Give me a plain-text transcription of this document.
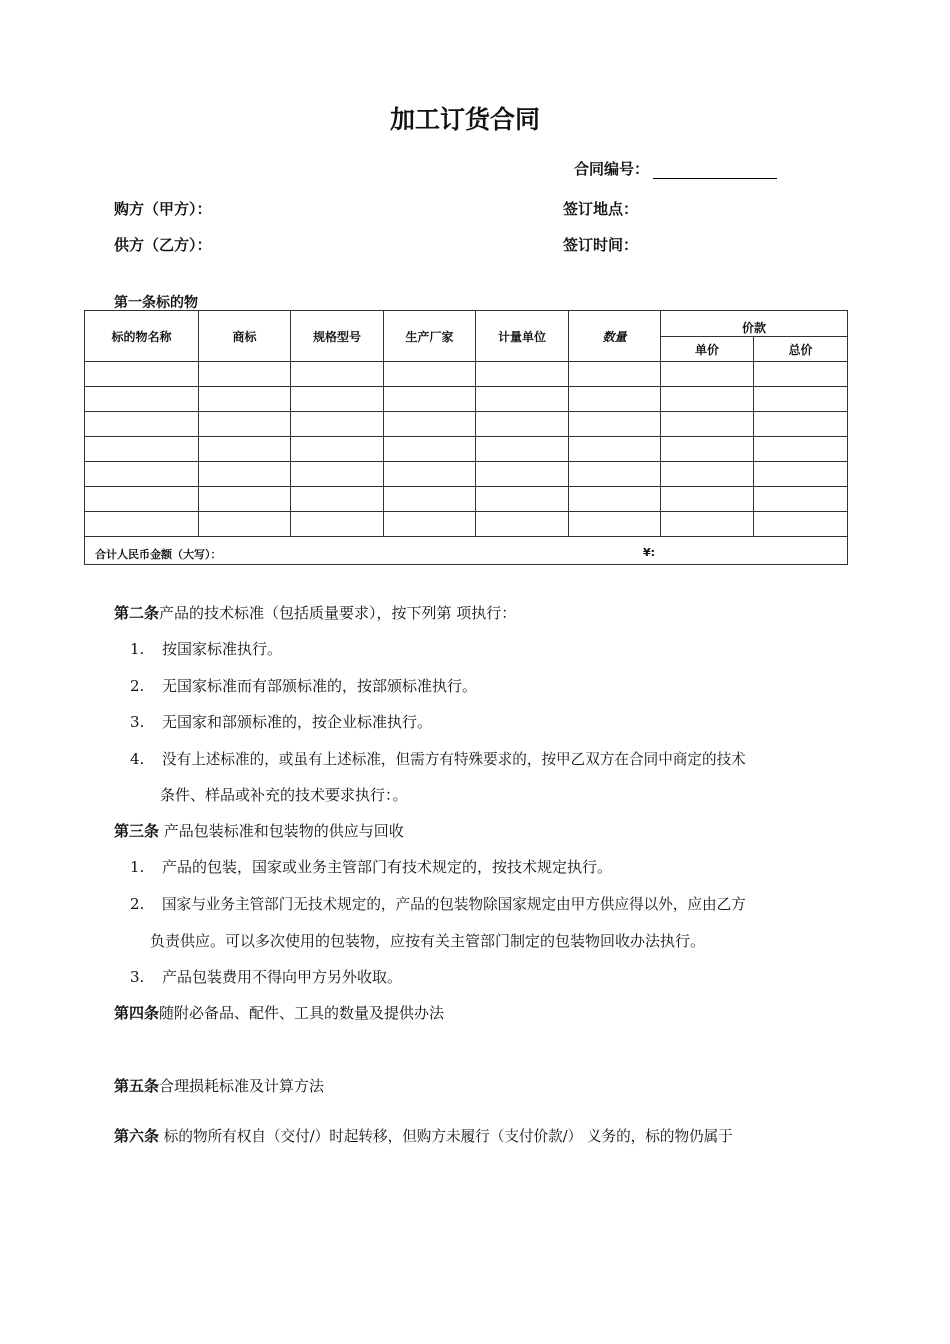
加工订货合同
合同编号：
购方（甲方）：	签订地点：
供方（乙方）：	签订时间：
第一条标的物
标的物名称	商标	规格型号	生产厂家	计量单位	数量	价款	
						单价	总价

合计人民币金额（大写）： ¥:							
第二条产品的技术标准（包括质量要求），按下列第 项执行：
1. 按国家标准执行。
2. 无国家标准而有部颁标准的，按部颁标准执行。
3. 无国家和部颁标准的，按企业标准执行。
4. 没有上述标准的，或虽有上述标准，但需方有特殊要求的，按甲乙双方在合同中商定的技术
条件、样品或补充的技术要求执行：。
第三条 产品包装标准和包装物的供应与回收
1. 产品的包装，国家或业务主管部门有技术规定的，按技术规定执行。
2. 国家与业务主管部门无技术规定的，产品的包装物除国家规定由甲方供应得以外，应由乙方
负责供应。可以多次使用的包装物，应按有关主管部门制定的包装物回收办法执行。
3. 产品包装费用不得向甲方另外收取。
第四条随附必备品、配件、工具的数量及提供办法
第五条合理损耗标准及计算方法
第六条 标的物所有权自（交付/）时起转移，但购方未履行（支付价款/） 义务的，标的物仍属于
